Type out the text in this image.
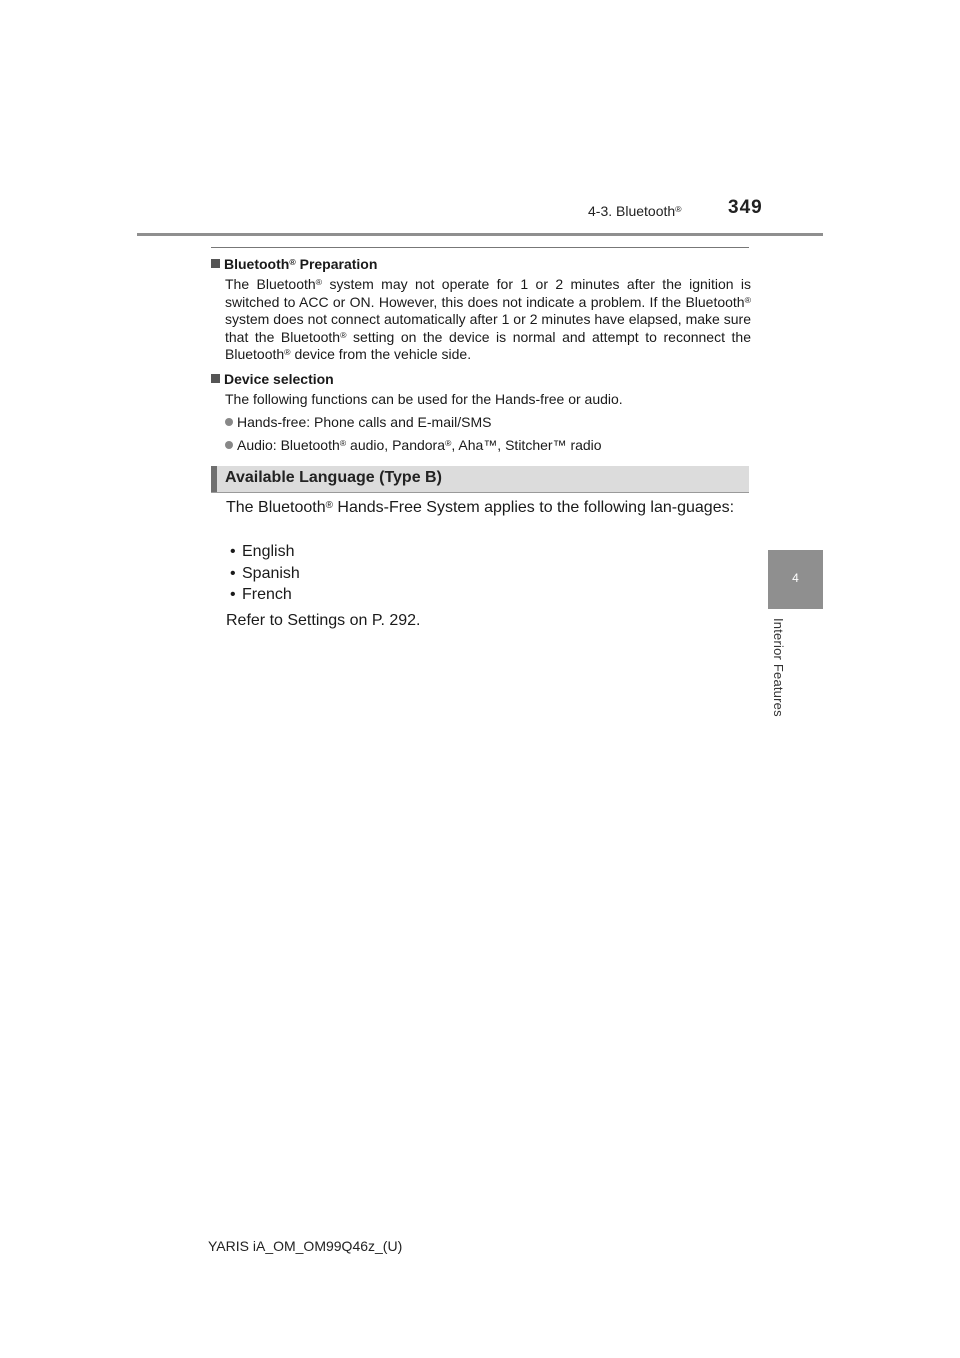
4-3. Bluetooth® 349
4
Interior Features
Bluetooth® Preparation
The Bluetooth® system may not operate for 1 or 2 minutes after the ignition is switched to ACC or ON. However, this does not indicate a problem. If the Bluetooth® system does not connect automatically after 1 or 2 minutes have elapsed, make sure that the Bluetooth® setting on the device is normal and attempt to reconnect the Bluetooth® device from the vehicle side.
Device selection
The following functions can be used for the Hands-free or audio.
Hands-free: Phone calls and E-mail/SMS
Audio: Bluetooth® audio, Pandora®, Aha™, Stitcher™ radio
Available Language (Type B)
The Bluetooth® Hands-Free System applies to the following lan-guages:
• English
• Spanish
• French
Refer to Settings on P. 292.
YARIS iA_OM_OM99Q46z_(U)
